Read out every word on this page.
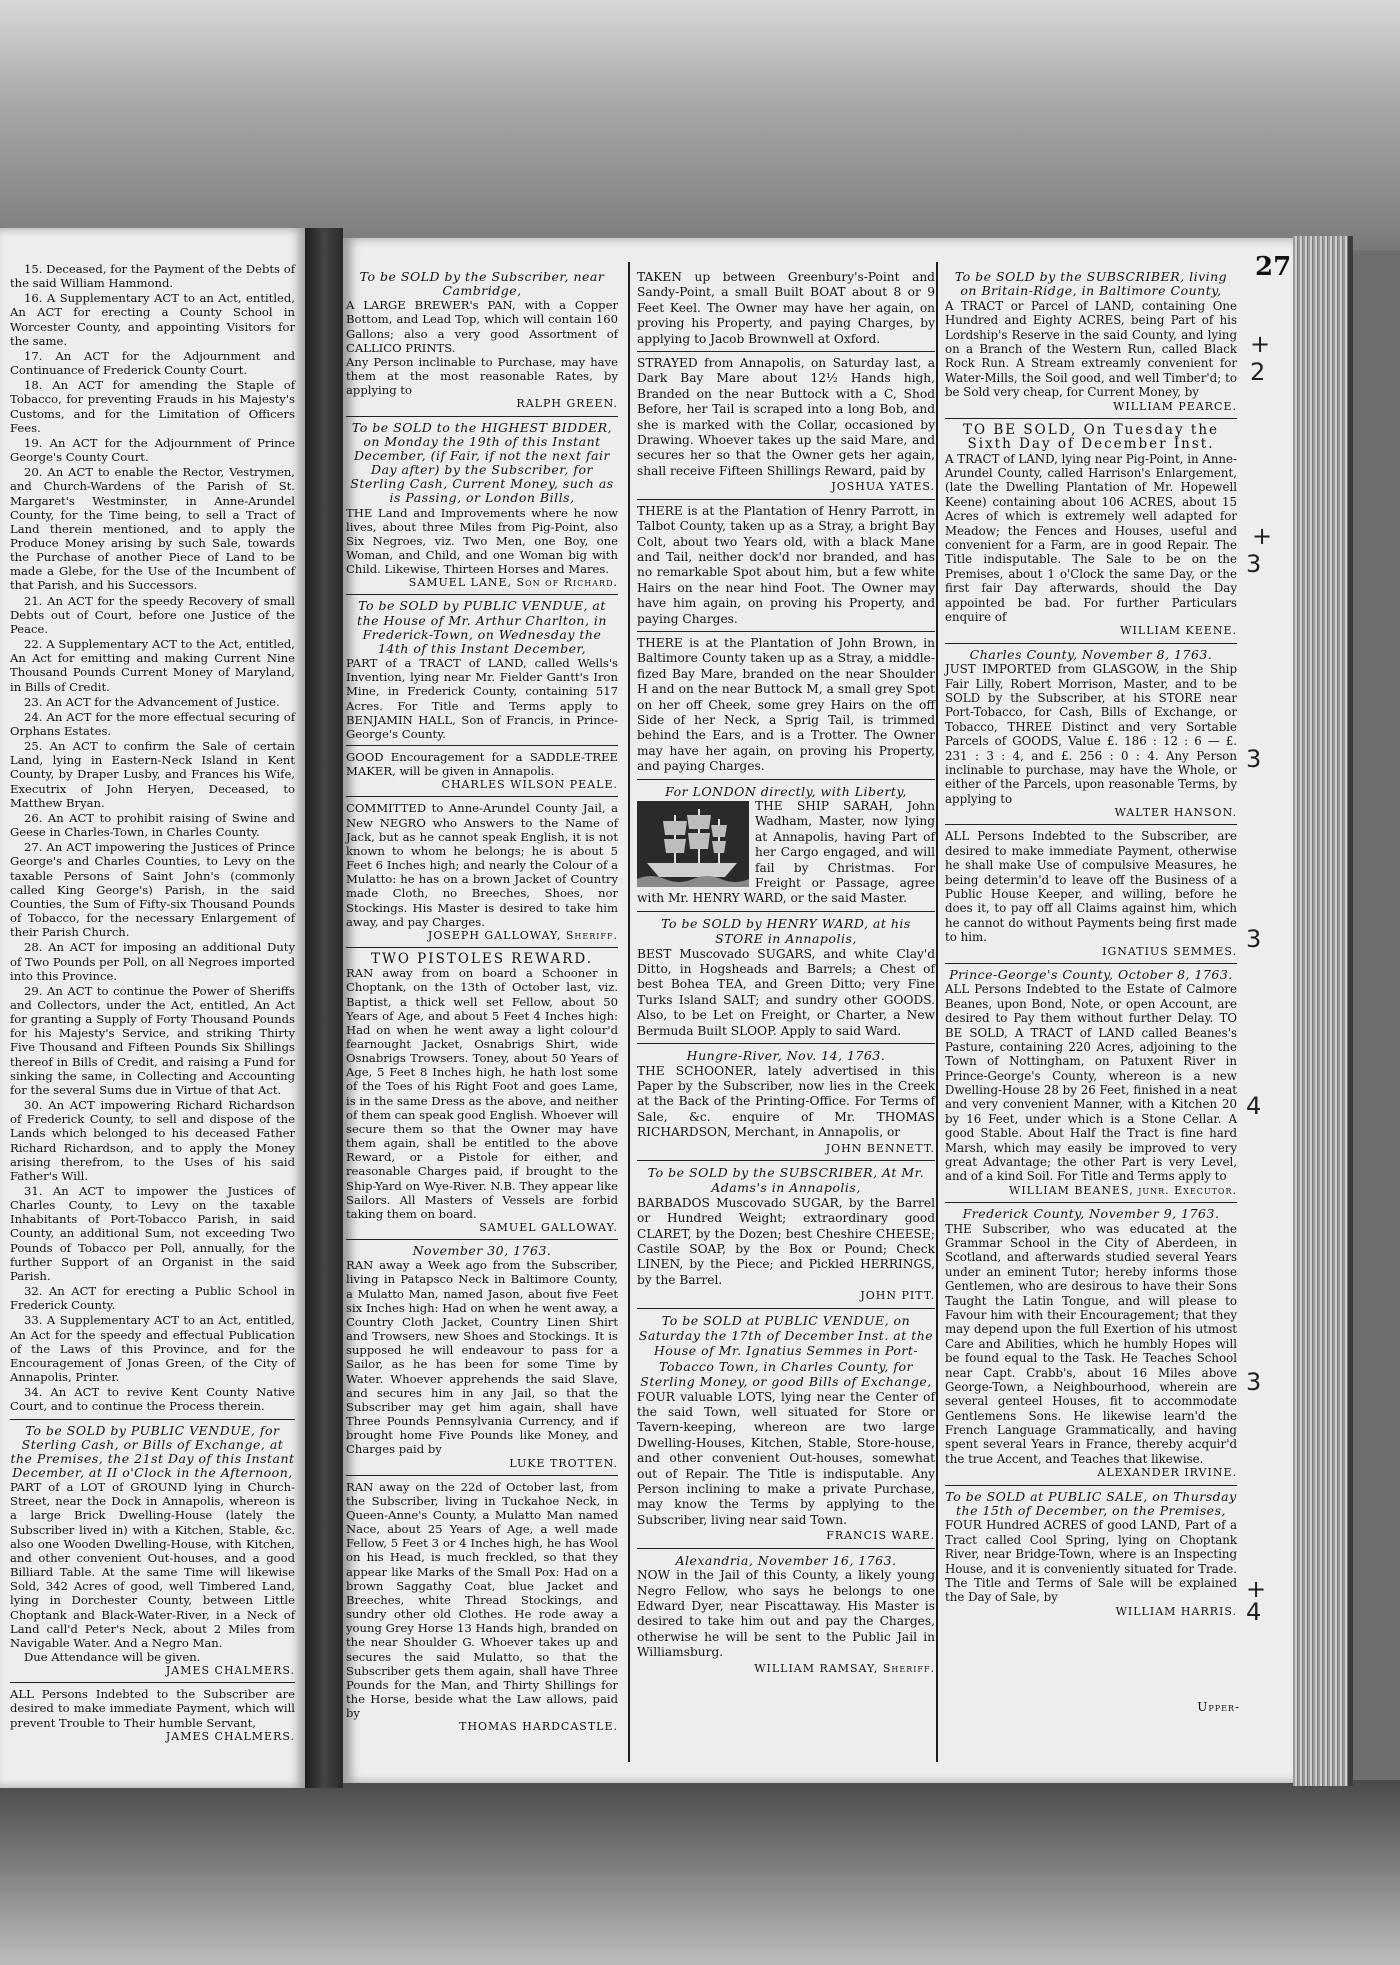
27

15. Deceased, for the Payment of the Debts of the said William Hammond.

16. A Supplementary ACT to an Act, entitled, An ACT for erecting a County School in Worcester County, and appointing Visitors for the same.

17. An ACT for the Adjournment and Continuance of Frederick County Court.

18. An ACT for amending the Staple of Tobacco, for preventing Frauds in his Majesty's Customs, and for the Limitation of Officers Fees.

19. An ACT for the Adjournment of Prince George's County Court.

20. An ACT to enable the Rector, Vestrymen, and Church-Wardens of the Parish of St. Margaret's Westminster, in Anne-Arundel County, for the Time being, to sell a Tract of Land therein mentioned, and to apply the Produce Money arising by such Sale, towards the Purchase of another Piece of Land to be made a Glebe, for the Use of the Incumbent of that Parish, and his Successors.

21. An ACT for the speedy Recovery of small Debts out of Court, before one Justice of the Peace.

22. A Supplementary ACT to the Act, entitled, An Act for emitting and making Current Nine Thousand Pounds Current Money of Maryland, in Bills of Credit.

23. An ACT for the Advancement of Justice.

24. An ACT for the more effectual securing of Orphans Estates.

25. An ACT to confirm the Sale of certain Land, lying in Eastern-Neck Island in Kent County, by Draper Lusby, and Frances his Wife, Executrix of John Heryen, Deceased, to Matthew Bryan.

26. An ACT to prohibit raising of Swine and Geese in Charles-Town, in Charles County.

27. An ACT impowering the Justices of Prince George's and Charles Counties, to Levy on the taxable Persons of Saint John's (commonly called King George's) Parish, in the said Counties, the Sum of Fifty-six Thousand Pounds of Tobacco, for the necessary Enlargement of their Parish Church.

28. An ACT for imposing an additional Duty of Two Pounds per Poll, on all Negroes imported into this Province.

29. An ACT to continue the Power of Sheriffs and Collectors, under the Act, entitled, An Act for granting a Supply of Forty Thousand Pounds for his Majesty's Service, and striking Thirty Five Thousand and Fifteen Pounds Six Shillings thereof in Bills of Credit, and raising a Fund for sinking the same, in Collecting and Accounting for the several Sums due in Virtue of that Act.

30. An ACT impowering Richard Richardson of Frederick County, to sell and dispose of the Lands which belonged to his deceased Father Richard Richardson, and to apply the Money arising therefrom, to the Uses of his said Father's Will.

31. An ACT to impower the Justices of Charles County, to Levy on the taxable Inhabitants of Port-Tobacco Parish, in said County, an additional Sum, not exceeding Two Pounds of Tobacco per Poll, annually, for the further Support of an Organist in the said Parish.

32. An ACT for erecting a Public School in Frederick County.

33. A Supplementary ACT to an Act, entitled, An Act for the speedy and effectual Publication of the Laws of this Province, and for the Encouragement of Jonas Green, of the City of Annapolis, Printer.

34. An ACT to revive Kent County Native Court, and to continue the Process therein.

To be SOLD by PUBLIC VENDUE, for Sterling Cash, or Bills of Exchange, at the Premises, the 21st Day of this Instant December, at II o'Clock in the Afternoon,

PART of a LOT of GROUND lying in Church-Street, near the Dock in Annapolis, whereon is a large Brick Dwelling-House (lately the Subscriber lived in) with a Kitchen, Stable, &c. also one Wooden Dwelling-House, with Kitchen, and other convenient Out-houses, and a good Billiard Table. At the same Time will likewise Sold, 342 Acres of good, well Timbered Land, lying in Dorchester County, between Little Choptank and Black-Water-River, in a Neck of Land call'd Peter's Neck, about 2 Miles from Navigable Water. And a Negro Man.

Due Attendance will be given.

JAMES CHALMERS.

ALL Persons Indebted to the Subscriber are desired to make immediate Payment, which will prevent Trouble to Their humble Servant,

JAMES CHALMERS.

To be SOLD by the Subscriber, near Cambridge,

A LARGE BREWER's PAN, with a Copper Bottom, and Lead Top, which will contain 160 Gallons; also a very good Assortment of CALLICO PRINTS.

Any Person inclinable to Purchase, may have them at the most reasonable Rates, by applying to

RALPH GREEN.

To be SOLD to the HIGHEST BIDDER, on Monday the 19th of this Instant December, (if Fair, if not the next fair Day after) by the Subscriber, for Sterling Cash, Current Money, such as is Passing, or London Bills,

THE Land and Improvements where he now lives, about three Miles from Pig-Point, also Six Negroes, viz. Two Men, one Boy, one Woman, and Child, and one Woman big with Child. Likewise, Thirteen Horses and Mares.

SAMUEL LANE, Son of Richard.

To be SOLD by PUBLIC VENDUE, at the House of Mr. Arthur Charlton, in Frederick-Town, on Wednesday the 14th of this Instant December,

PART of a TRACT of LAND, called Wells's Invention, lying near Mr. Fielder Gantt's Iron Mine, in Frederick County, containing 517 Acres. For Title and Terms apply to BENJAMIN HALL, Son of Francis, in Prince-George's County.

GOOD Encouragement for a SADDLE-TREE MAKER, will be given in Annapolis.

CHARLES WILSON PEALE.

COMMITTED to Anne-Arundel County Jail, a New NEGRO who Answers to the Name of Jack, but as he cannot speak English, it is not known to whom he belongs; he is about 5 Feet 6 Inches high; and nearly the Colour of a Mulatto: he has on a brown Jacket of Country made Cloth, no Breeches, Shoes, nor Stockings. His Master is desired to take him away, and pay Charges.

JOSEPH GALLOWAY, Sheriff.

TWO PISTOLES REWARD.

RAN away from on board a Schooner in Choptank, on the 13th of October last, viz. Baptist, a thick well set Fellow, about 50 Years of Age, and about 5 Feet 4 Inches high: Had on when he went away a light colour'd fearnought Jacket, Osnabrigs Shirt, wide Osnabrigs Trowsers. Toney, about 50 Years of Age, 5 Feet 8 Inches high, he hath lost some of the Toes of his Right Foot and goes Lame, is in the same Dress as the above, and neither of them can speak good English. Whoever will secure them so that the Owner may have them again, shall be entitled to the above Reward, or a Pistole for either, and reasonable Charges paid, if brought to the Ship-Yard on Wye-River. N.B. They appear like Sailors. All Masters of Vessels are forbid taking them on board.

SAMUEL GALLOWAY.

November 30, 1763.

RAN away a Week ago from the Subscriber, living in Patapsco Neck in Baltimore County, a Mulatto Man, named Jason, about five Feet six Inches high: Had on when he went away, a Country Cloth Jacket, Country Linen Shirt and Trowsers, new Shoes and Stockings. It is supposed he will endeavour to pass for a Sailor, as he has been for some Time by Water. Whoever apprehends the said Slave, and secures him in any Jail, so that the Subscriber may get him again, shall have Three Pounds Pennsylvania Currency, and if brought home Five Pounds like Money, and Charges paid by

LUKE TROTTEN.

RAN away on the 22d of October last, from the Subscriber, living in Tuckahoe Neck, in Queen-Anne's County, a Mulatto Man named Nace, about 25 Years of Age, a well made Fellow, 5 Feet 3 or 4 Inches high, he has Wool on his Head, is much freckled, so that they appear like Marks of the Small Pox: Had on a brown Saggathy Coat, blue Jacket and Breeches, white Thread Stockings, and sundry other old Clothes. He rode away a young Grey Horse 13 Hands high, branded on the near Shoulder G. Whoever takes up and secures the said Mulatto, so that the Subscriber gets them again, shall have Three Pounds for the Man, and Thirty Shillings for the Horse, beside what the Law allows, paid by

THOMAS HARDCASTLE.

TAKEN up between Greenbury's-Point and Sandy-Point, a small Built BOAT about 8 or 9 Feet Keel. The Owner may have her again, on proving his Property, and paying Charges, by applying to Jacob Brownwell at Oxford.

STRAYED from Annapolis, on Saturday last, a Dark Bay Mare about 12½ Hands high, Branded on the near Buttock with a C, Shod Before, her Tail is scraped into a long Bob, and she is marked with the Collar, occasioned by Drawing. Whoever takes up the said Mare, and secures her so that the Owner gets her again, shall receive Fifteen Shillings Reward, paid by

JOSHUA YATES.

THERE is at the Plantation of Henry Parrott, in Talbot County, taken up as a Stray, a bright Bay Colt, about two Years old, with a black Mane and Tail, neither dock'd nor branded, and has no remarkable Spot about him, but a few white Hairs on the near hind Foot. The Owner may have him again, on proving his Property, and paying Charges.

THERE is at the Plantation of John Brown, in Baltimore County taken up as a Stray, a middle-fized Bay Mare, branded on the near Shoulder H and on the near Buttock M, a small grey Spot on her off Cheek, some grey Hairs on the off Side of her Neck, a Sprig Tail, is trimmed behind the Ears, and is a Trotter. The Owner may have her again, on proving his Property, and paying Charges.

For LONDON directly, with Liberty,

THE SHIP SARAH, John Wadham, Master, now lying at Annapolis, having Part of her Cargo engaged, and will fail by Christmas. For Freight or Passage, agree with Mr. HENRY WARD, or the said Master.

To be SOLD by HENRY WARD, at his STORE in Annapolis,

BEST Muscovado SUGARS, and white Clay'd Ditto, in Hogsheads and Barrels; a Chest of best Bohea TEA, and Green Ditto; very Fine Turks Island SALT; and sundry other GOODS. Also, to be Let on Freight, or Charter, a New Bermuda Built SLOOP. Apply to said Ward.

Hungre-River, Nov. 14, 1763.

THE SCHOONER, lately advertised in this Paper by the Subscriber, now lies in the Creek at the Back of the Printing-Office. For Terms of Sale, &c. enquire of Mr. THOMAS RICHARDSON, Merchant, in Annapolis, or

JOHN BENNETT.

To be SOLD by the SUBSCRIBER, At Mr. Adams's in Annapolis,

BARBADOS Muscovado SUGAR, by the Barrel or Hundred Weight; extraordinary good CLARET, by the Dozen; best Cheshire CHEESE; Castile SOAP, by the Box or Pound; Check LINEN, by the Piece; and Pickled HERRINGS, by the Barrel.

JOHN PITT.

To be SOLD at PUBLIC VENDUE, on Saturday the 17th of December Inst. at the House of Mr. Ignatius Semmes in Port-Tobacco Town, in Charles County, for Sterling Money, or good Bills of Exchange,

FOUR valuable LOTS, lying near the Center of the said Town, well situated for Store or Tavern-keeping, whereon are two large Dwelling-Houses, Kitchen, Stable, Store-house, and other convenient Out-houses, somewhat out of Repair. The Title is indisputable. Any Person inclining to make a private Purchase, may know the Terms by applying to the Subscriber, living near said Town.

FRANCIS WARE.

Alexandria, November 16, 1763.

NOW in the Jail of this County, a likely young Negro Fellow, who says he belongs to one Edward Dyer, near Piscattaway. His Master is desired to take him out and pay the Charges, otherwise he will be sent to the Public Jail in Williamsburg.

WILLIAM RAMSAY, Sheriff.

To be SOLD by the SUBSCRIBER, living on Britain-Ridge, in Baltimore County,

A TRACT or Parcel of LAND, containing One Hundred and Eighty ACRES, being Part of his Lordship's Reserve in the said County, and lying on a Branch of the Western Run, called Black Rock Run. A Stream extreamly convenient for Water-Mills, the Soil good, and well Timber'd; to be Sold very cheap, for Current Money, by

WILLIAM PEARCE.

TO BE SOLD, On Tuesday the Sixth Day of December Inst.

A TRACT of LAND, lying near Pig-Point, in Anne-Arundel County, called Harrison's Enlargement, (late the Dwelling Plantation of Mr. Hopewell Keene) containing about 106 ACRES, about 15 Acres of which is extremely well adapted for Meadow; the Fences and Houses, useful and convenient for a Farm, are in good Repair. The Title indisputable. The Sale to be on the Premises, about 1 o'Clock the same Day, or the first fair Day afterwards, should the Day appointed be bad. For further Particulars enquire of

WILLIAM KEENE.

Charles County, November 8, 1763.

JUST IMPORTED from GLASGOW, in the Ship Fair Lilly, Robert Morrison, Master, and to be SOLD by the Subscriber, at his STORE near Port-Tobacco, for Cash, Bills of Exchange, or Tobacco, THREE Distinct and very Sortable Parcels of GOODS, Value £. 186 : 12 : 6 — £. 231 : 3 : 4, and £. 256 : 0 : 4. Any Person inclinable to purchase, may have the Whole, or either of the Parcels, upon reasonable Terms, by applying to

WALTER HANSON.

ALL Persons Indebted to the Subscriber, are desired to make immediate Payment, otherwise he shall make Use of compulsive Measures, he being determin'd to leave off the Business of a Public House Keeper, and willing, before he does it, to pay off all Claims against him, which he cannot do without Payments being first made to him.

IGNATIUS SEMMES.

Prince-George's County, October 8, 1763.

ALL Persons Indebted to the Estate of Calmore Beanes, upon Bond, Note, or open Account, are desired to Pay them without further Delay. TO BE SOLD, A TRACT of LAND called Beanes's Pasture, containing 220 Acres, adjoining to the Town of Nottingham, on Patuxent River in Prince-George's County, whereon is a new Dwelling-House 28 by 26 Feet, finished in a neat and very convenient Manner, with a Kitchen 20 by 16 Feet, under which is a Stone Cellar. A good Stable. About Half the Tract is fine hard Marsh, which may easily be improved to very great Advantage; the other Part is very Level, and of a kind Soil. For Title and Terms apply to

WILLIAM BEANES, junr. Executor.

Frederick County, November 9, 1763.

THE Subscriber, who was educated at the Grammar School in the City of Aberdeen, in Scotland, and afterwards studied several Years under an eminent Tutor; hereby informs those Gentlemen, who are desirous to have their Sons Taught the Latin Tongue, and will please to Favour him with their Encouragement; that they may depend upon the full Exertion of his utmost Care and Abilities, which he humbly Hopes will be found equal to the Task. He Teaches School near Capt. Crabb's, about 16 Miles above George-Town, a Neighbourhood, wherein are several genteel Houses, fit to accommodate Gentlemens Sons. He likewise learn'd the French Language Grammatically, and having spent several Years in France, thereby acquir'd the true Accent, and Teaches that likewise.

ALEXANDER IRVINE.

To be SOLD at PUBLIC SALE, on Thursday the 15th of December, on the Premises,

FOUR Hundred ACRES of good LAND, Part of a Tract called Cool Spring, lying on Choptank River, near Bridge-Town, where is an Inspecting House, and it is conveniently situated for Trade. The Title and Terms of Sale will be explained the Day of Sale, by

WILLIAM HARRIS.

Upper-
+
2
+
3
3
3
4
3
+
4
